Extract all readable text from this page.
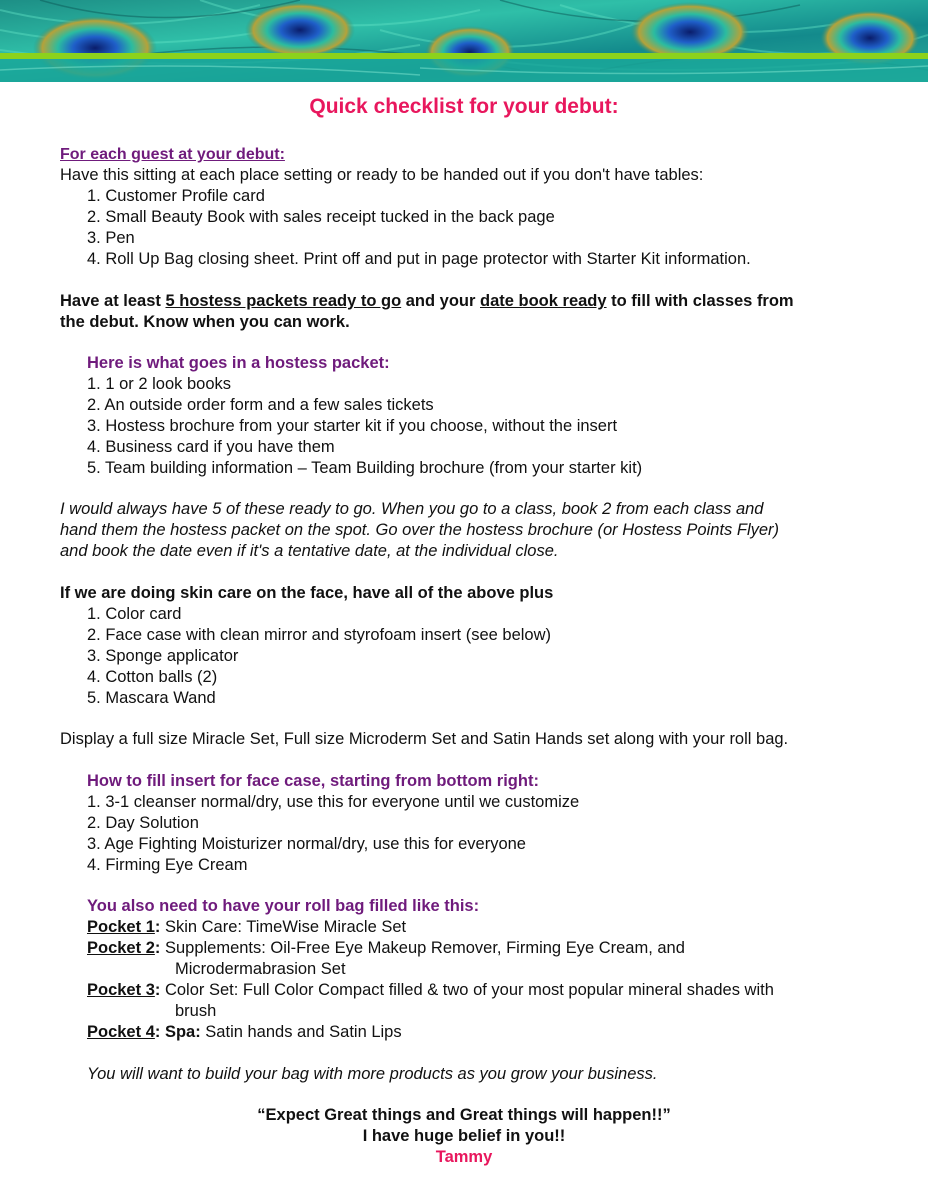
Quick checklist for your debut:
For each guest at your debut:
Have this sitting at each place setting or ready to be handed out if you don't have tables:
1. Customer Profile card
2. Small Beauty Book with sales receipt tucked in the back page
3. Pen
4. Roll Up Bag closing sheet. Print off and put in page protector with Starter Kit information.
Have at least 5 hostess packets ready to go and your date book ready to fill with classes from
the debut. Know when you can work.
Here is what goes in a hostess packet:
1. 1 or 2 look books
2. An outside order form and a few sales tickets
3. Hostess brochure from your starter kit if you choose, without the insert
4. Business card if you have them
5. Team building information – Team Building brochure (from your starter kit)
I would always have 5 of these ready to go. When you go to a class, book 2 from each class and
hand them the hostess packet on the spot. Go over the hostess brochure (or Hostess Points Flyer)
and book the date even if it's a tentative date, at the individual close.
If we are doing skin care on the face, have all of the above plus
1. Color card
2. Face case with clean mirror and styrofoam insert (see below)
3. Sponge applicator
4. Cotton balls (2)
5. Mascara Wand
Display a full size Miracle Set, Full size Microderm Set and Satin Hands set along with your roll bag.
How to fill insert for face case, starting from bottom right:
1. 3-1 cleanser normal/dry, use this for everyone until we customize
2. Day Solution
3. Age Fighting Moisturizer normal/dry, use this for everyone
4. Firming Eye Cream
You also need to have your roll bag filled like this:
Pocket 1: Skin Care: TimeWise Miracle Set
Pocket 2: Supplements: Oil-Free Eye Makeup Remover, Firming Eye Cream, and
Microdermabrasion Set
Pocket 3: Color Set: Full Color Compact filled & two of your most popular mineral shades with
brush
Pocket 4: Spa: Satin hands and Satin Lips
You will want to build your bag with more products as you grow your business.
“Expect Great things and Great things will happen!!”
I have huge belief in you!!
Tammy
